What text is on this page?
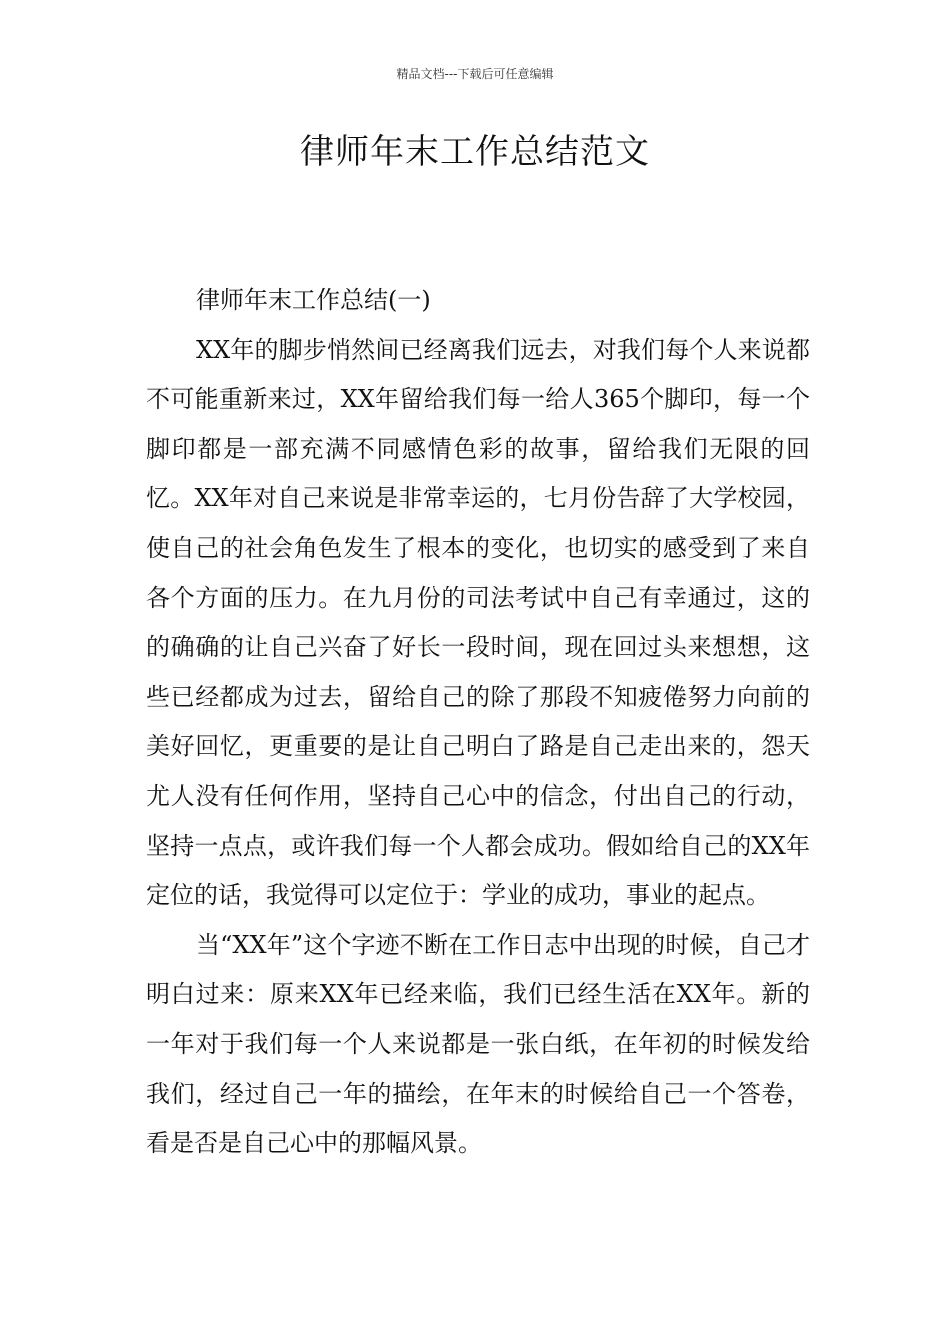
精品文档---下载后可任意编辑
律师年末工作总结范文

律师年末工作总结(一)

XX年的脚步悄然间已经离我们远去，对我们每个人来说都不可能重新来过，XX年留给我们每一给人365个脚印，每一个脚印都是一部充满不同感情色彩的故事，留给我们无限的回忆。XX年对自己来说是非常幸运的，七月份告辞了大学校园，使自己的社会角色发生了根本的变化，也切实的感受到了来自各个方面的压力。在九月份的司法考试中自己有幸通过，这的的确确的让自己兴奋了好长一段时间，现在回过头来想想，这些已经都成为过去，留给自己的除了那段不知疲倦努力向前的美好回忆，更重要的是让自己明白了路是自己走出来的，怨天尤人没有任何作用，坚持自己心中的信念，付出自己的行动，坚持一点点，或许我们每一个人都会成功。假如给自己的XX年定位的话，我觉得可以定位于：学业的成功，事业的起点。

当“XX年”这个字迹不断在工作日志中出现的时候，自己才明白过来：原来XX年已经来临，我们已经生活在XX年。新的一年对于我们每一个人来说都是一张白纸，在年初的时候发给我们，经过自己一年的描绘，在年末的时候给自己一个答卷，看是否是自己心中的那幅风景。
